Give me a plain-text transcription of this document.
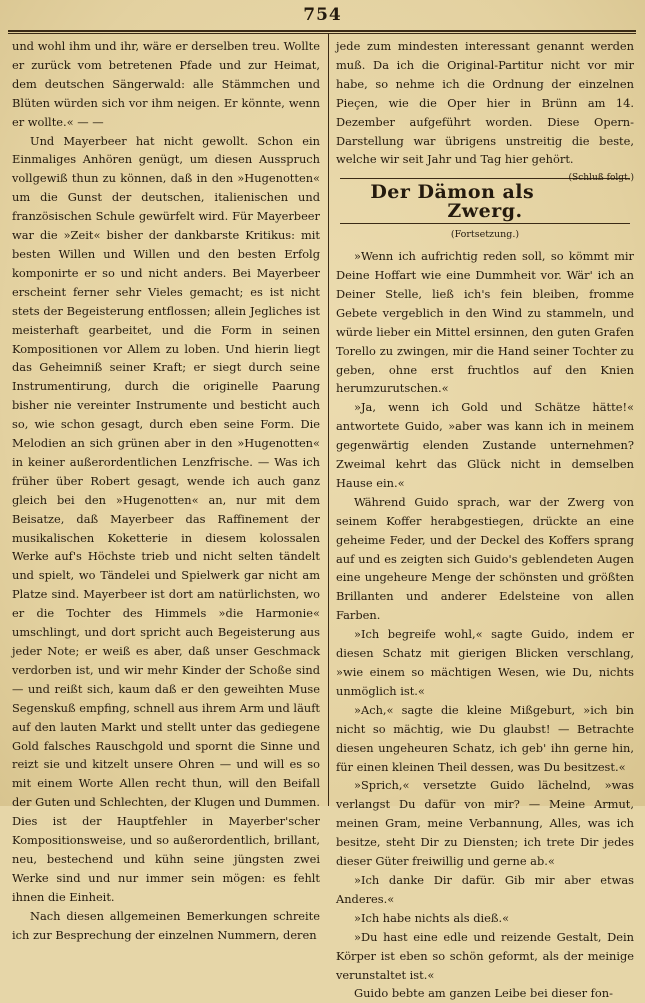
754

und wohl ihm und ihr, wäre er derselben treu. Wollte er zurück vom betretenen Pfade und zur Heimat, dem deutschen Sängerwald: alle Stämmchen und Blüten würden sich vor ihm neigen. Er könnte, wenn er wollte.« — —

Und Mayerbeer hat nicht gewollt. Schon ein Einmaliges Anhören genügt, um diesen Ausspruch vollgewiß thun zu können, daß in den »Hugenotten« um die Gunst der deutschen, italienischen und französischen Schule gewürfelt wird. Für Mayerbeer war die »Zeit« bisher der dankbarste Kritikus: mit besten Willen und Willen und den besten Erfolg komponirte er so und nicht anders. Bei Mayerbeer erscheint ferner sehr Vieles gemacht; es ist nicht stets der Begeisterung entflossen; allein Jegliches ist meisterhaft gearbeitet, und die Form in seinen Kompositionen vor Allem zu loben. Und hierin liegt das Geheimniß seiner Kraft; er siegt durch seine Instrumentirung, durch die originelle Paarung bisher nie vereinter Instrumente und besticht auch so, wie schon gesagt, durch eben seine Form. Die Melodien an sich grünen aber in den »Hugenotten« in keiner außerordentlichen Lenzfrische. — Was ich früher über Robert gesagt, wende ich auch ganz gleich bei den »Hugenotten« an, nur mit dem Beisatze, daß Mayerbeer das Raffinement der musikalischen Koketterie in diesem kolossalen Werke auf's Höchste trieb und nicht selten tändelt und spielt, wo Tändelei und Spielwerk gar nicht am Platze sind. Mayerbeer ist dort am natürlichsten, wo er die Tochter des Himmels »die Harmonie« umschlingt, und dort spricht auch Begeisterung aus jeder Note; er weiß es aber, daß unser Geschmack verdorben ist, und wir mehr Kinder der Schoße sind — und reißt sich, kaum daß er den geweihten Muse Segenskuß empfing, schnell aus ihrem Arm und läuft auf den lauten Markt und stellt unter das gediegene Gold falsches Rauschgold und spornt die Sinne und reizt sie und kitzelt unsere Ohren — und will es so mit einem Worte Allen recht thun, will den Beifall der Guten und Schlechten, der Klugen und Dummen. Dies ist der Hauptfehler in Mayerber'scher Kompositionsweise, und so außerordentlich, brillant, neu, bestechend und kühn seine jüngsten zwei Werke sind und nur immer sein mögen: es fehlt ihnen die Einheit.

Nach diesen allgemeinen Bemerkungen schreite ich zur Besprechung der einzelnen Nummern, deren

jede zum mindesten interessant genannt werden muß. Da ich die Original-Partitur nicht vor mir habe, so nehme ich die Ordnung der einzelnen Pieçen, wie die Oper hier in Brünn am 14. Dezember aufgeführt worden. Diese Opern-Darstellung war übrigens unstreitig die beste, welche wir seit Jahr und Tag hier gehört.
(Schluß folgt.)

Der Dämon als Zwerg.
(Fortsetzung.)

»Wenn ich aufrichtig reden soll, so kömmt mir Deine Hoffart wie eine Dummheit vor. Wär' ich an Deiner Stelle, ließ ich's fein bleiben, fromme Gebete vergeblich in den Wind zu stammeln, und würde lieber ein Mittel ersinnen, den guten Grafen Torello zu zwingen, mir die Hand seiner Tochter zu geben, ohne erst fruchtlos auf den Knien herumzurutschen.«

»Ja, wenn ich Gold und Schätze hätte!« antwortete Guido, »aber was kann ich in meinem gegenwärtig elenden Zustande unternehmen? Zweimal kehrt das Glück nicht in demselben Hause ein.«

Während Guido sprach, war der Zwerg von seinem Koffer herabgestiegen, drückte an eine geheime Feder, und der Deckel des Koffers sprang auf und es zeigten sich Guido's geblendeten Augen eine ungeheure Menge der schönsten und größten Brillanten und anderer Edelsteine von allen Farben.

»Ich begreife wohl,« sagte Guido, indem er diesen Schatz mit gierigen Blicken verschlang, »wie einem so mächtigen Wesen, wie Du, nichts unmöglich ist.«

»Ach,« sagte die kleine Mißgeburt, »ich bin nicht so mächtig, wie Du glaubst! — Betrachte diesen ungeheuren Schatz, ich geb' ihn gerne hin, für einen kleinen Theil dessen, was Du besitzest.«

»Sprich,« versetzte Guido lächelnd, »was verlangst Du dafür von mir? — Meine Armut, meinen Gram, meine Verbannung, Alles, was ich besitze, steht Dir zu Diensten; ich trete Dir jedes dieser Güter freiwillig und gerne ab.«

»Ich danke Dir dafür. Gib mir aber etwas Anderes.«

»Ich habe nichts als dieß.«

»Du hast eine edle und reizende Gestalt, Dein Körper ist eben so schön geformt, als der meinige verunstaltet ist.«

Guido bebte am ganzen Leibe bei dieser fon-
